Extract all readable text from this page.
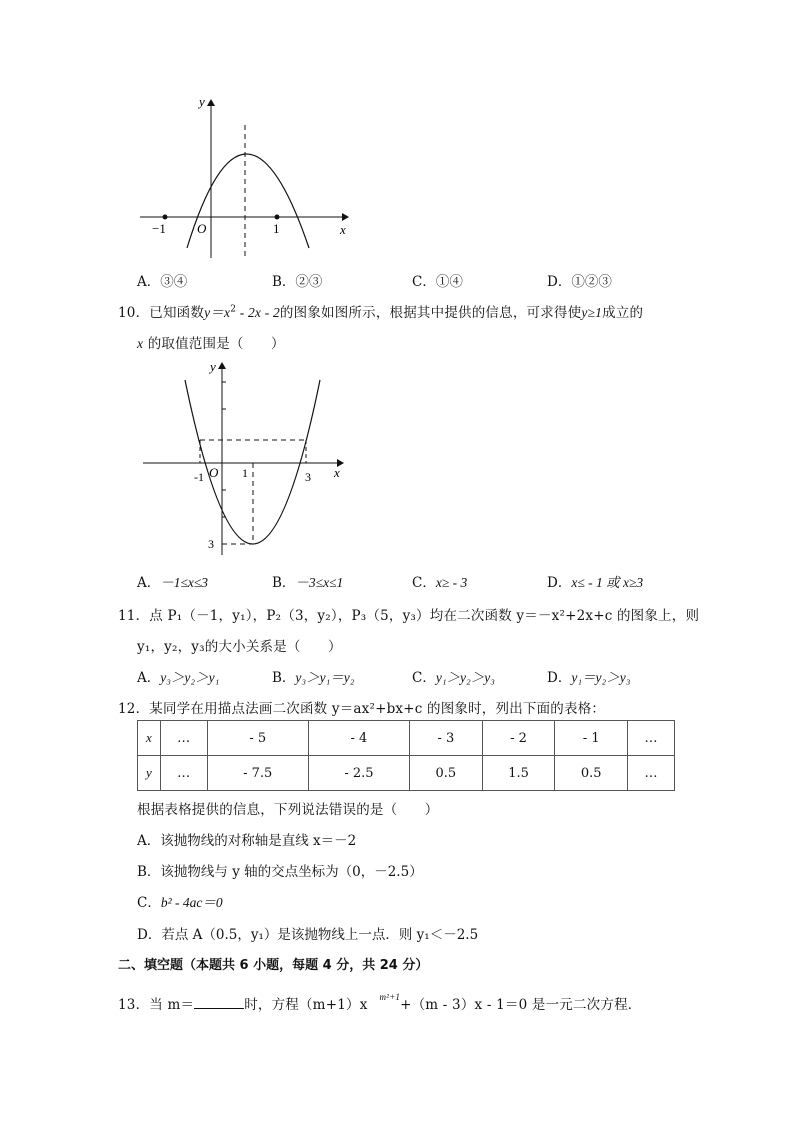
y
x
O
−1	1
A．③④	B．②③	C．①④	D．①②③
10．已知函数$y=x^2 - 2x - 2$的图象如图所示，根据其中提供的信息，可求得使y≥1成立的
x 的取值范围是（　　）
y
x
O
-1	1	3
3
A．－1≤x≤3	B．－3≤x≤1	C．x≥ - 3	D．x≤ - 1 或 x≥3
11．点 P₁（－1，y₁），P₂（3，y₂），P₃（5，y₃）均在二次函数 y＝－x²+2x+c 的图象上，则
y₁，y₂，y₃的大小关系是（　　）
A．y₃＞y₂＞y₁	B．y₃＞y₁＝y₂	C．y₁＞y₂＞y₃	D．y₁＝y₂＞y₃
12．某同学在用描点法画二次函数 y＝ax²+bx+c 的图象时，列出下面的表格：
x	…	- 5	- 4	- 3	- 2	- 1	…
y	…	- 7.5	- 2.5	0.5	1.5	0.5	…
根据表格提供的信息，下列说法错误的是（　　）
A．该抛物线的对称轴是直线 x＝－2
B．该抛物线与 y 轴的交点坐标为（0，－2.5）
C．b² - 4ac＝0
D．若点 A（0.5，y₁）是该抛物线上一点．则 y₁＜－2.5
二、填空题（本题共 6 小题，每题 4 分，共 24 分）
13．当 m＝	时，方程$(m+1)x^{m^2+1}+(m - 3)x - 1=0$ 是一元二次方程．
